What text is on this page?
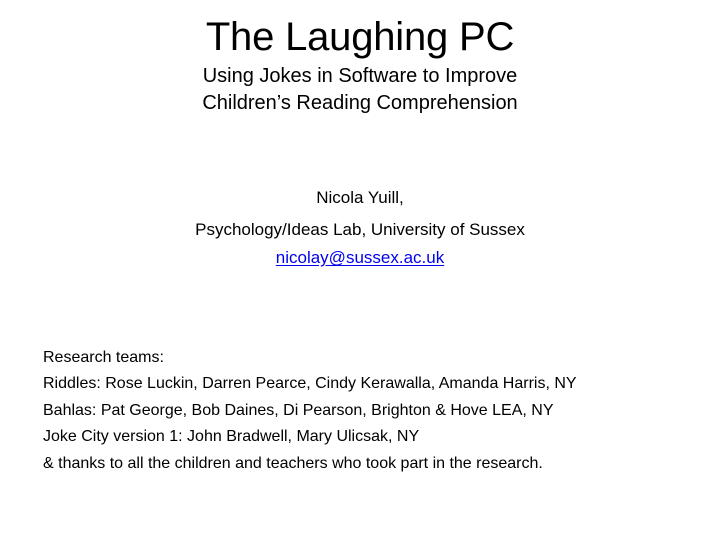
The Laughing PC
Using Jokes in Software to Improve
Children’s Reading Comprehension
Nicola Yuill,
Psychology/Ideas Lab, University of Sussex
nicolay@sussex.ac.uk
Research teams:
Riddles: Rose Luckin, Darren Pearce, Cindy Kerawalla, Amanda Harris, NY
Bahlas: Pat George, Bob Daines, Di Pearson, Brighton & Hove LEA, NY
Joke City version 1: John Bradwell, Mary Ulicsak, NY
& thanks to all the children and teachers who took part in the research.
